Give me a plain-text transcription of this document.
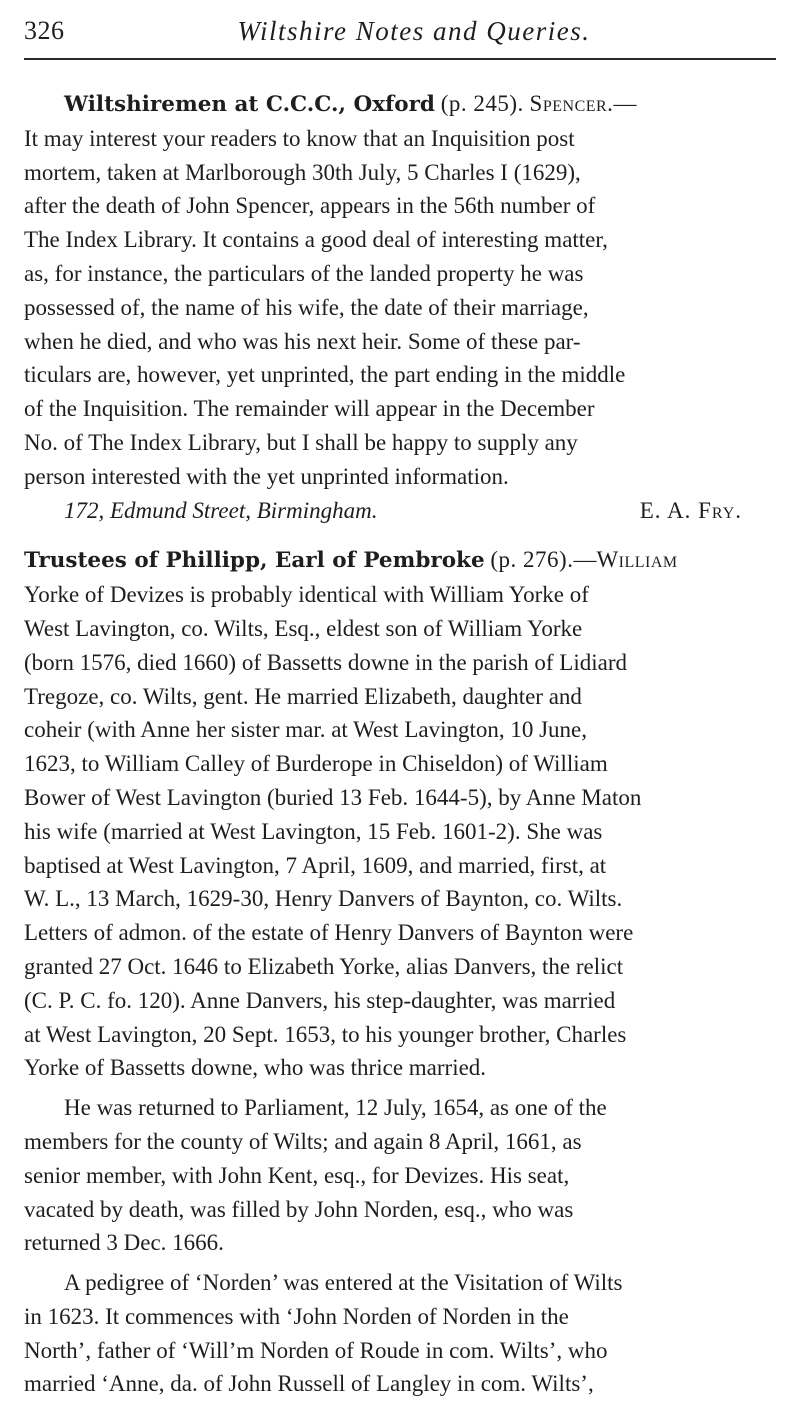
326	Wiltshire Notes and Queries.

Wiltshiremen at C.C.C., Oxford (p. 245). Spencer.—

It may interest your readers to know that an Inquisition post
mortem, taken at Marlborough 30th July, 5 Charles I (1629),
after the death of John Spencer, appears in the 56th number of
The Index Library. It contains a good deal of interesting matter,
as, for instance, the particulars of the landed property he was
possessed of, the name of his wife, the date of their marriage,
when he died, and who was his next heir. Some of these par-
ticulars are, however, yet unprinted, the part ending in the middle
of the Inquisition. The remainder will appear in the December
No. of The Index Library, but I shall be happy to supply any
person interested with the yet unprinted information.
172, Edmund Street, Birmingham.	E. A. Fry.

Trustees of Phillipp, Earl of Pembroke (p. 276).—William

Yorke of Devizes is probably identical with William Yorke of
West Lavington, co. Wilts, Esq., eldest son of William Yorke
(born 1576, died 1660) of Bassetts downe in the parish of Lidiard
Tregoze, co. Wilts, gent. He married Elizabeth, daughter and
coheir (with Anne her sister mar. at West Lavington, 10 June,
1623, to William Calley of Burderope in Chiseldon) of William
Bower of West Lavington (buried 13 Feb. 1644-5), by Anne Maton
his wife (married at West Lavington, 15 Feb. 1601-2). She was
baptised at West Lavington, 7 April, 1609, and married, first, at
W. L., 13 March, 1629-30, Henry Danvers of Baynton, co. Wilts.
Letters of admon. of the estate of Henry Danvers of Baynton were
granted 27 Oct. 1646 to Elizabeth Yorke, alias Danvers, the relict
(C. P. C. fo. 120). Anne Danvers, his step-daughter, was married
at West Lavington, 20 Sept. 1653, to his younger brother, Charles
Yorke of Bassetts downe, who was thrice married.
He was returned to Parliament, 12 July, 1654, as one of the
members for the county of Wilts; and again 8 April, 1661, as
senior member, with John Kent, esq., for Devizes. His seat,
vacated by death, was filled by John Norden, esq., who was
returned 3 Dec. 1666.
A pedigree of ‘Norden’ was entered at the Visitation of Wilts
in 1623. It commences with ‘John Norden of Norden in the
North’, father of ‘Will’m Norden of Roude in com. Wilts’, who
married ‘Anne, da. of John Russell of Langley in com. Wilts’,
